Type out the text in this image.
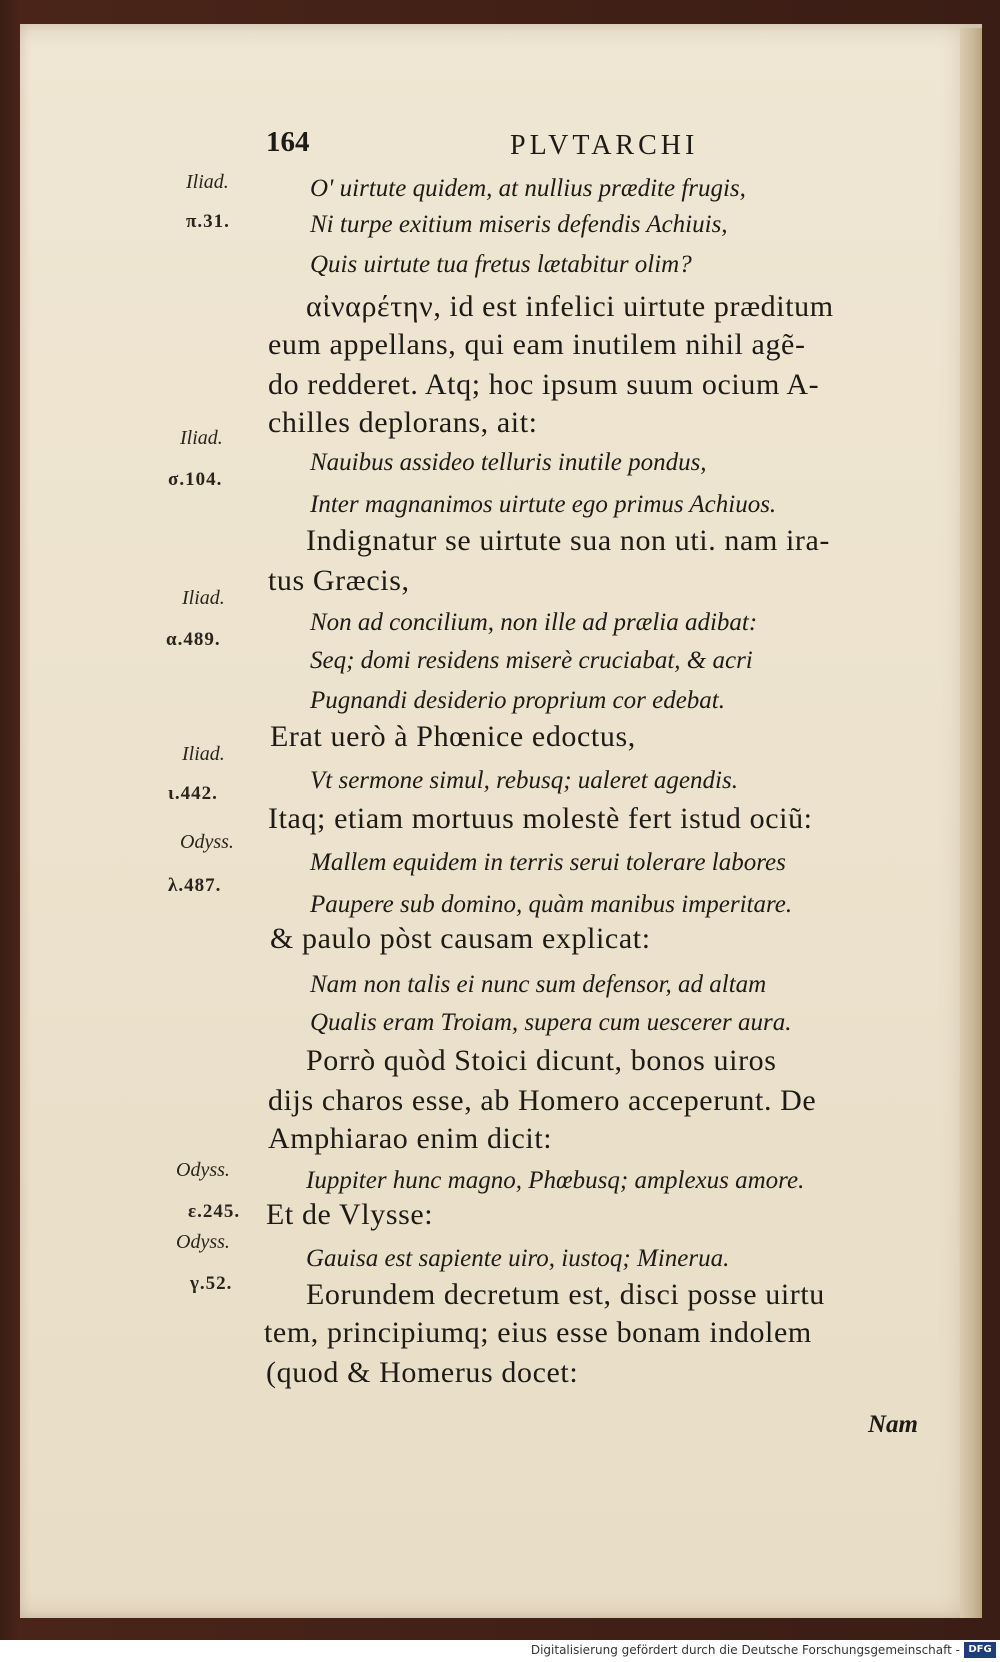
164	PLVTARCHI
Iliad.
π.31.
Iliad.
σ.104.
Iliad.
α.489.
Iliad.
ι.442.
Odyss.
λ.487.
Odyss.
ε.245.
Odyss.
γ.52.
O' uirtute quidem, at nullius prædite frugis,
Ni turpe exitium miseris defendis Achiuis,
Quis uirtute tua fretus lætabitur olim?
αἰναρέτην, id est infelici uirtute præditum
eum appellans, qui eam inutilem nihil agẽ-
do redderet. Atq; hoc ipsum suum ocium A-
chilles deplorans, ait:
Nauibus assideo telluris inutile pondus,
Inter magnanimos uirtute ego primus Achiuos.
Indignatur se uirtute sua non uti. nam ira-
tus Græcis,
Non ad concilium, non ille ad prælia adibat:
Seq; domi residens miserè cruciabat, & acri
Pugnandi desiderio proprium cor edebat.
Erat uerò à Phœnice edoctus,
Vt sermone simul, rebusq; ualeret agendis.
Itaq; etiam mortuus molestè fert istud ociũ:
Mallem equidem in terris serui tolerare labores
Paupere sub domino, quàm manibus imperitare.
& paulo pòst causam explicat:
Nam non talis ei nunc sum defensor, ad altam
Qualis eram Troiam, supera cum uescerer aura.
Porrò quòd Stoici dicunt, bonos uiros
dijs charos esse, ab Homero acceperunt. De
Amphiarao enim dicit:
Iuppiter hunc magno, Phœbusq; amplexus amore.
Et de Vlysse:
Gauisa est sapiente uiro, iustoq; Minerua.
Eorundem decretum est, disci posse uirtu
tem, principiumq; eius esse bonam indolem
(quod & Homerus docet:
Nam
Digitalisierung gefördert durch die Deutsche Forschungsgemeinschaft - DFG
